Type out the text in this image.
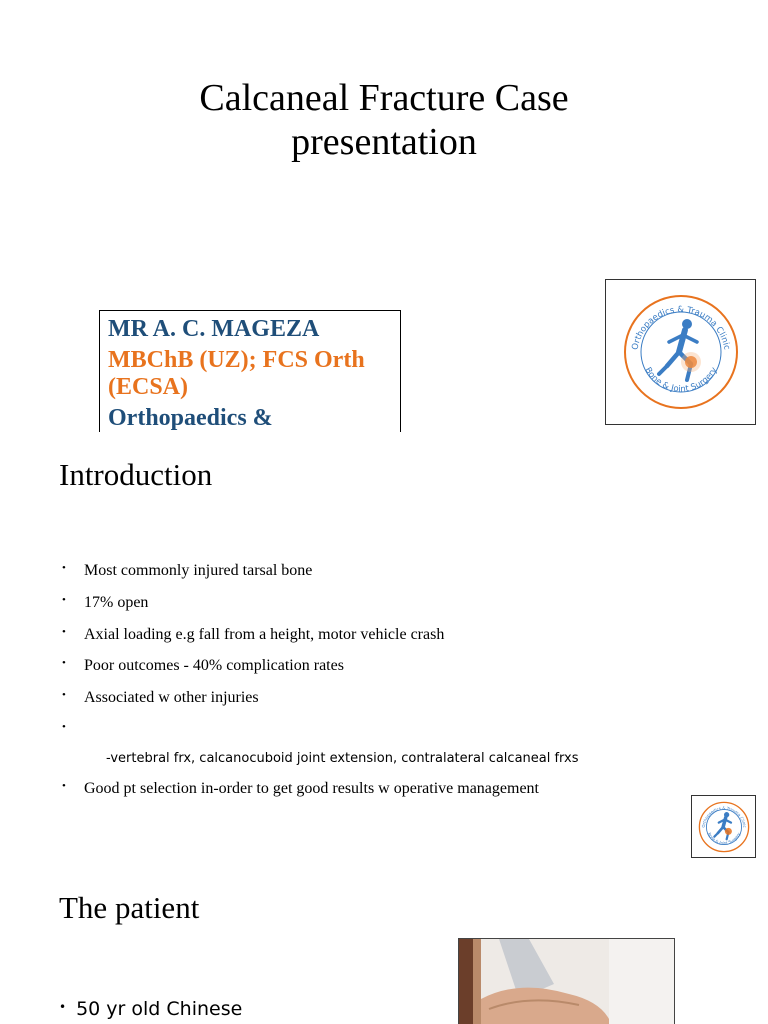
Calcaneal Fracture Case
presentation
MR A. C. MAGEZA
MBChB (UZ); FCS Orth (ECSA)
Orthopaedics &
Orthopaedics & Trauma Clinic
Bone & Joint Surgery
Introduction
• Most commonly injured tarsal bone
• 17% open
• Axial loading e.g fall from a height, motor vehicle crash
• Poor outcomes - 40% complication rates
• Associated w other injuries
•
-vertebral frx, calcanocuboid joint extension, contralateral calcaneal frxs
• Good pt selection in-order to get good results w operative management
Orthopaedics & Trauma Clinic
Bone & Joint Surgery
The patient
• 50 yr old Chinese
